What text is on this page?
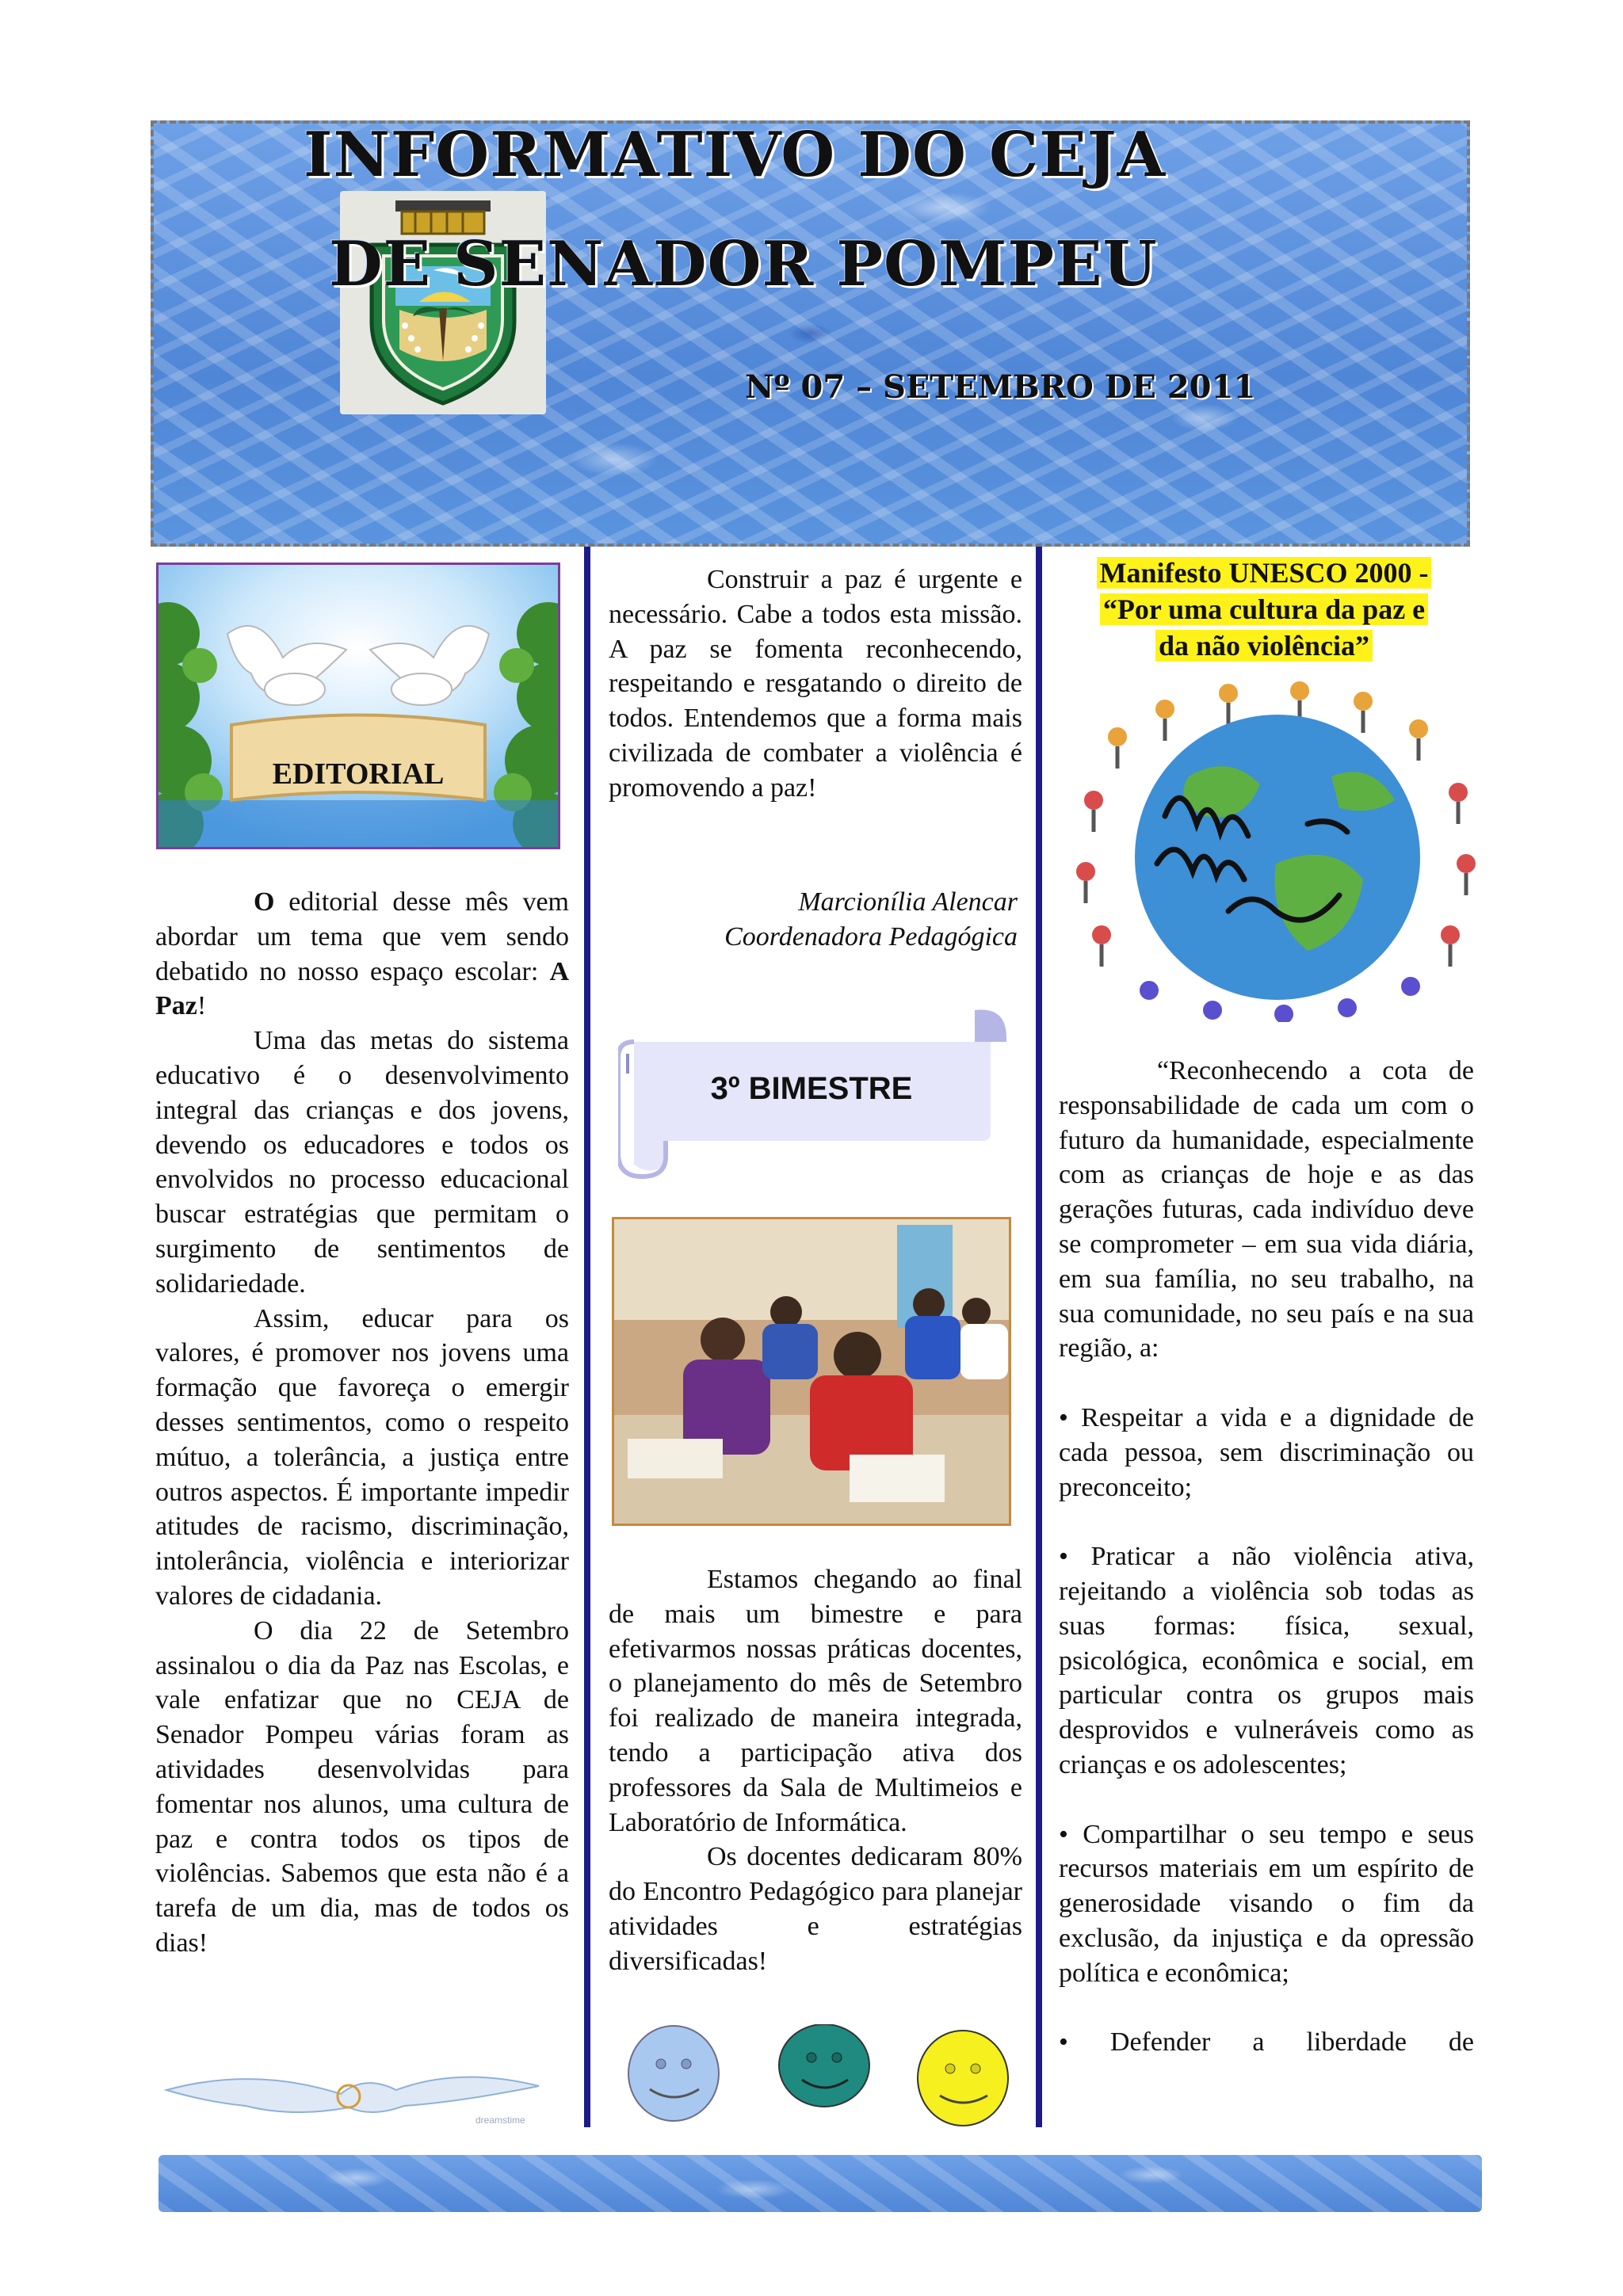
INFORMATIVO DO CEJA
DE SENADOR POMPEU
Nº 07 – SETEMBRO DE 2011
EDITORIAL

O editorial desse mês vem abordar um tema que vem sendo debatido no nosso espaço escolar: A Paz!

Uma das metas do sistema educativo é o desenvolvimento integral das crianças e dos jovens, devendo os educadores e todos os envolvidos no processo educacional buscar estratégias que permitam o surgimento de sentimentos de solidariedade.

Assim, educar para os valores, é promover nos jovens uma formação que favoreça o emergir desses sentimentos, como o respeito mútuo, a tolerância, a justiça entre outros aspectos. É importante impedir atitudes de racismo, discriminação, intolerância, violência e interiorizar valores de cidadania.

O dia 22 de Setembro assinalou o dia da Paz nas Escolas, e vale enfatizar que no CEJA de Senador Pompeu várias foram as atividades desenvolvidas para fomentar nos alunos, uma cultura de paz e contra todos os tipos de violências. Sabemos que esta não é a tarefa de um dia, mas de todos os dias!

dreamstime

Construir a paz é urgente e necessário. Cabe a todos esta missão. A paz se fomenta reconhecendo, respeitando e resgatando o direito de todos. Entendemos que a forma mais civilizada de combater a violência é promovendo a paz!

Marcionília Alencar
Coordenadora Pedagógica
3º BIMESTRE

Estamos chegando ao final de mais um bimestre e para efetivarmos nossas práticas docentes, o planejamento do mês de Setembro foi realizado de maneira integrada, tendo a participação ativa dos professores da Sala de Multimeios e Laboratório de Informática.

Os docentes dedicaram 80% do Encontro Pedagógico para planejar atividades e estratégias diversificadas!

Manifesto UNESCO 2000 -
“Por uma cultura da paz e
da não violência”

“Reconhecendo a cota de responsabilidade de cada um com o futuro da humanidade, especialmente com as crianças de hoje e as das gerações futuras, cada indivíduo deve se comprometer – em sua vida diária, em sua família, no seu trabalho, na sua comunidade, no seu país e na sua região, a:

• Respeitar a vida e a dignidade de cada pessoa, sem discriminação ou preconceito;

• Praticar a não violência ativa, rejeitando a violência sob todas as suas formas: física, sexual, psicológica, econômica e social, em particular contra os grupos mais desprovidos e vulneráveis como as crianças e os adolescentes;

• Compartilhar o seu tempo e seus recursos materiais em um espírito de generosidade visando o fim da exclusão, da injustiça e da opressão política e econômica;

• Defender a liberdade de
